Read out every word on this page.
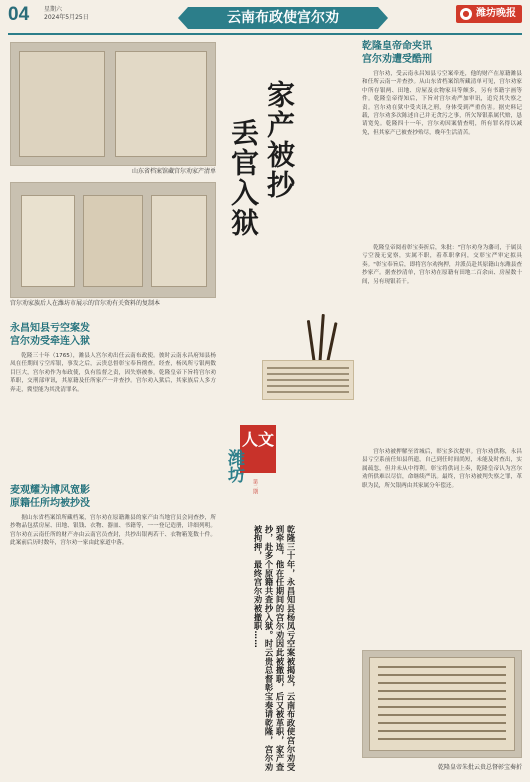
04 星期六
2024年5月25日	云南布政使宫尔劝	● 潍坊晚报
山东省档案馆藏宫尔劝家产清单
宫尔劝家族后人在潍坊市展示的宫尔劝有关资料的复制本
永昌知县亏空案发
宫尔劝受牵连入狱

乾隆三十年（1765），潍县人宫尔劝出任云南布政使。彼时云南永昌府知县杨凤在任期间亏空库银，事发之后，云贵总督彰宝奉旨彻查。经查，杨凤所亏银两数目巨大，宫尔劝作为布政使，负有监督之责，因失察被参。乾隆皇帝下旨将宫尔劝革职，交刑部审讯，其原籍及任所家产一并查抄。宫尔劝入狱后，其家族后人多方奔走，冀望能为其洗清罪名。

麦观耀为博风宽影
原籍任所均被抄没

据山东省档案馆所藏档案，宫尔劝在原籍潍县的家产由当地官员会同查抄，所抄物品包括房屋、田地、银钱、衣物、器皿、书籍等，一一登记造册，详细列明。宫尔劝在云南任所的财产亦由云南官员查封，共抄出银两若干、衣物箱笼数十件。此案前后历时数年，宫尔劝一家由此家道中落。

家产被抄
丢官入狱
人文
潍坊
第二期
乾隆三十年，永昌知县杨凤亏空案被揭发，云南布政使宫尔劝受到牵连，他在任期间的宫尔劝因此被撤职，后又被革职，家产查抄，赴多个原籍共查抄入狱。时云贵总督彰宝奏请乾隆，宫尔劝被拘押，最终宫尔劝被撤职……
乾隆皇帝命夹讯
宫尔劝遭受酷刑

宫尔劝，受云南永昌知县亏空案牵连，他的财产在原籍潍县和任所云南一并查抄。从山东省档案馆所藏清单可见，宫尔劝家中所存银两、田地、房屋及衣物家具等颇多，另有书籍字画等件。乾隆皇帝得知后，下旨对宫尔劝严加审讯，追究其失察之责。宫尔劝在狱中受夹讯之刑，身体受到严重伤害。据史料记载，宫尔劝多次陈述自己并无贪污之事，所欠帑银系属代赔，恳请宽免。乾隆四十一年，宫尔劝因案情查明，所有罪名得以减免，但其家产已被查抄殆尽，晚年生活清苦。

乾隆皇帝阅看彰宝奏折后，朱批："宫尔劝身为藩司，于属员亏空漫无觉察，实属不职，着革职拿问，交彰宝严审定拟具奏。"彰宝奉旨后，即将宫尔劝拘押，并派员赴其原籍山东潍县查抄家产。据查抄清单，宫尔劝在原籍有田地二百余亩、房屋数十间，另有现银若干。

宫尔劝被押解至省城后，彰宝多次提审。宫尔劝供称，永昌县亏空系前任知县所遗，自己到任时间尚短，未能及时查出，实属疏忽，但并未从中得利。彰宝将供词上奏，乾隆皇帝认为宫尔劝所供难以尽信，命继续严讯。最终，宫尔劝被判失察之罪，革职为民，所欠银两由其家属分年偿还。

乾隆皇帝朱批云贵总督彰宝奏折
